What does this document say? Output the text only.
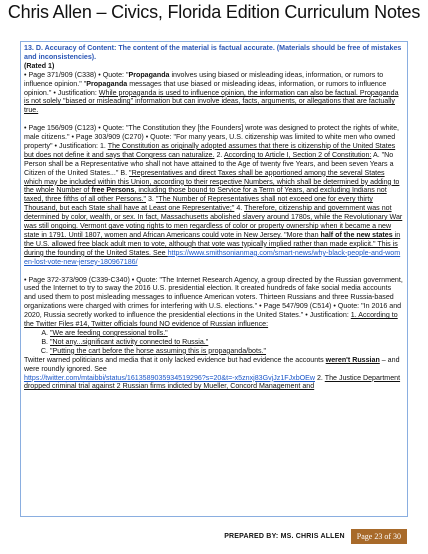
Chris Allen – Civics, Florida Edition Curriculum Notes

13. D. Accuracy of Content: The content of the material is factual accurate. (Materials should be free of mistakes and inconsistencies).

(Rated 1)

• Page 371/909 (C338) • Quote: "Propaganda involves using biased or misleading ideas, information, or rumors to influence opinion." "Propaganda messages that use biased or misleading ideas, information, or rumors to influence opinion." • Justification: While propaganda is used to influence opinion, the information can also be factual. Propaganda is not solely "biased or misleading" information but can involve ideas, facts, arguments, or allegations that are factually true.

• Page 156/909 (C123) • Quote: "The Constitution they [the Founders] wrote was designed to protect the rights of white, male citizens." • Page 303/909 (C270) • Quote: "For many years, U.S. citizenship was limited to white men who owned property" • Justification: 1. The Constitution as originally adopted assumes that there is citizenship of the United States but does not define it and says that Congress can naturalize. 2. According to Article I, Section 2 of Constitution: A. "No Person shall be a Representative who shall not have attained to the Age of twenty five Years, and been seven Years a Citizen of the United States..." B. "Representatives and direct Taxes shall be apportioned among the several States which may be included within this Union, according to their respective Numbers, which shall be determined by adding to the whole Number of free Persons, including those bound to Service for a Term of Years, and excluding Indians not taxed, three fifths of all other Persons." 3. "The Number of Representatives shall not exceed one for every thirty Thousand, but each State shall have at Least one Representative;" 4. Therefore, citizenship and government was not determined by color, wealth, or sex. In fact, Massachusetts abolished slavery around 1780s, while the Revolutionary War was still ongoing. Vermont gave voting rights to men regardless of color or property ownership when it became a new state in 1791. Until 1807, women and African Americans could vote in New Jersey. "More than half of the new states in the U.S. allowed free black adult men to vote, although that vote was typically implied rather than made explicit." This is during the founding of the United States. See https://www.smithsonianmag.com/smart-news/why-black-people-and-women-lost-vote-new-jersey-180967186/

• Page 372-373/909 (C339-C340) • Quote: "The Internet Research Agency, a group directed by the Russian government, used the Internet to try to sway the 2016 U.S. presidential election. It created hundreds of fake social media accounts and used them to post misleading messages to influence American voters. Thirteen Russians and three Russia-based organizations were charged with crimes for interfering with U.S. elections." • Page 547/909 (C514) • Quote: "In 2016 and 2020, Russia secretly worked to influence the presidential elections in the United States." • Justification: 1. According to the Twitter Files #14, Twitter officials found NO evidence of Russian influence:

A. "We are feeding congressional trolls."
B. "Not any...significant activity connected to Russia."
C. "Putting the cart before the horse assuming this is propaganda/bots."

Twitter warned politicians and media that it only lacked evidence but had evidence the accounts weren't Russian – and were roundly ignored. See
https://twitter.com/mtaibbi/status/1613589035934519296?s=20&t=-x5znxj83GvjJz1FJxbOEw 2. The Justice Department dropped criminal trial against 2 Russian firms indicted by Mueller, Concord Management and

PREPARED BY: MS. CHRIS ALLEN	Page 23 of 30
